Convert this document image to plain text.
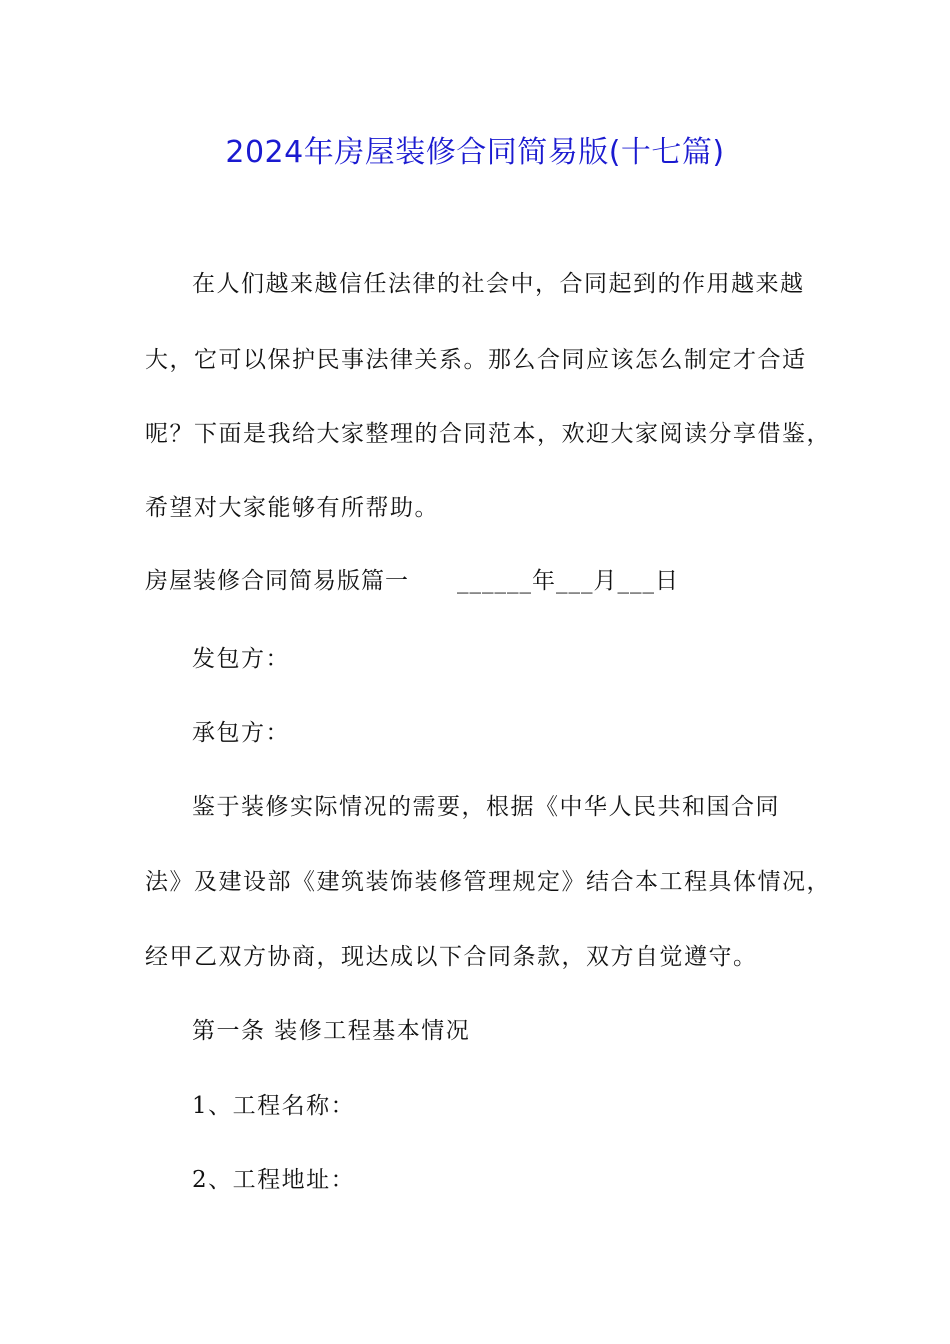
2024年房屋装修合同简易版(十七篇)
在人们越来越信任法律的社会中，合同起到的作用越来越
大，它可以保护民事法律关系。那么合同应该怎么制定才合适
呢？下面是我给大家整理的合同范本，欢迎大家阅读分享借鉴，
希望对大家能够有所帮助。
房屋装修合同简易版篇一 ______年___月___日
发包方：
承包方：
鉴于装修实际情况的需要，根据《中华人民共和国合同
法》及建设部《建筑装饰装修管理规定》结合本工程具体情况，
经甲乙双方协商，现达成以下合同条款，双方自觉遵守。
第一条 装修工程基本情况
1、工程名称：
2、工程地址：
